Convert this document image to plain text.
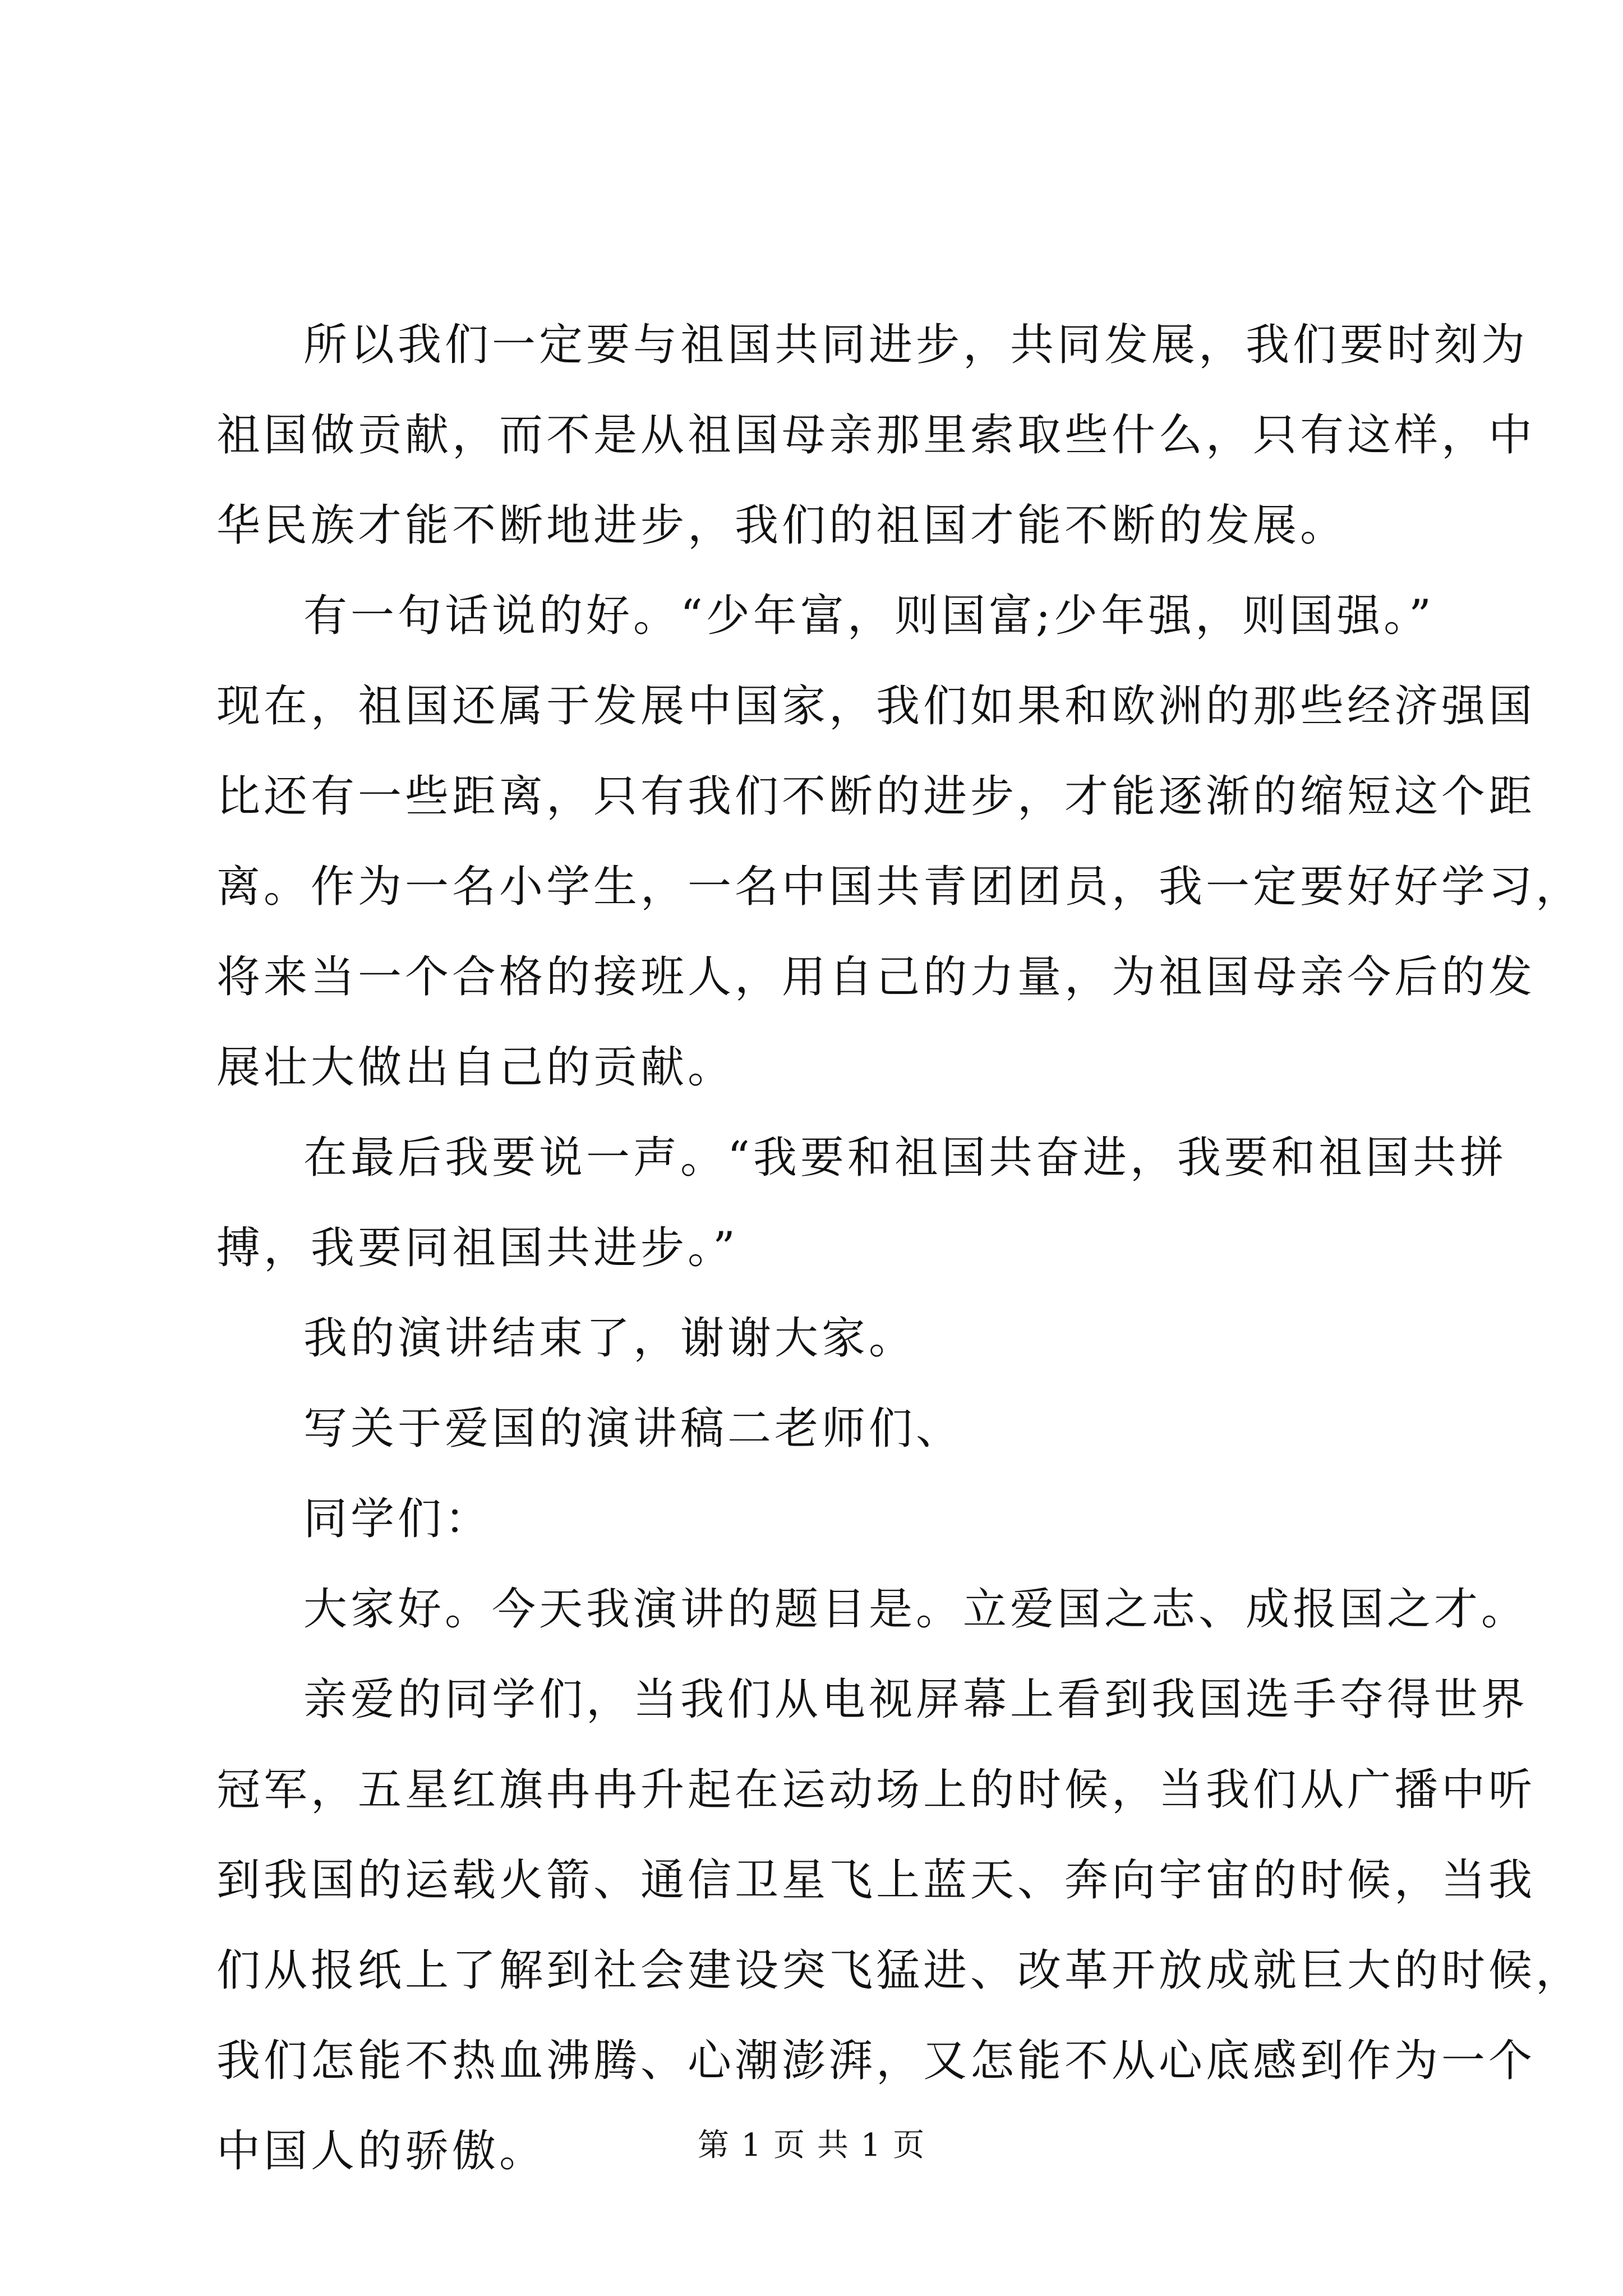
所以我们一定要与祖国共同进步，共同发展，我们要时刻为
祖国做贡献，而不是从祖国母亲那里索取些什么，只有这样，中
华民族才能不断地进步，我们的祖国才能不断的发展。
有一句话说的好。“少年富，则国富;少年强，则国强。”
现在，祖国还属于发展中国家，我们如果和欧洲的那些经济强国
比还有一些距离，只有我们不断的进步，才能逐渐的缩短这个距
离。作为一名小学生，一名中国共青团团员，我一定要好好学习，
将来当一个合格的接班人，用自己的力量，为祖国母亲今后的发
展壮大做出自己的贡献。
在最后我要说一声。“我要和祖国共奋进，我要和祖国共拼
搏，我要同祖国共进步。”
我的演讲结束了，谢谢大家。
写关于爱国的演讲稿二老师们、
同学们：
大家好。今天我演讲的题目是。立爱国之志、成报国之才。
亲爱的同学们，当我们从电视屏幕上看到我国选手夺得世界
冠军，五星红旗冉冉升起在运动场上的时候，当我们从广播中听
到我国的运载火箭、通信卫星飞上蓝天、奔向宇宙的时候，当我
们从报纸上了解到社会建设突飞猛进、改革开放成就巨大的时候，
我们怎能不热血沸腾、心潮澎湃，又怎能不从心底感到作为一个
中国人的骄傲。	第 1 页 共 1 页
